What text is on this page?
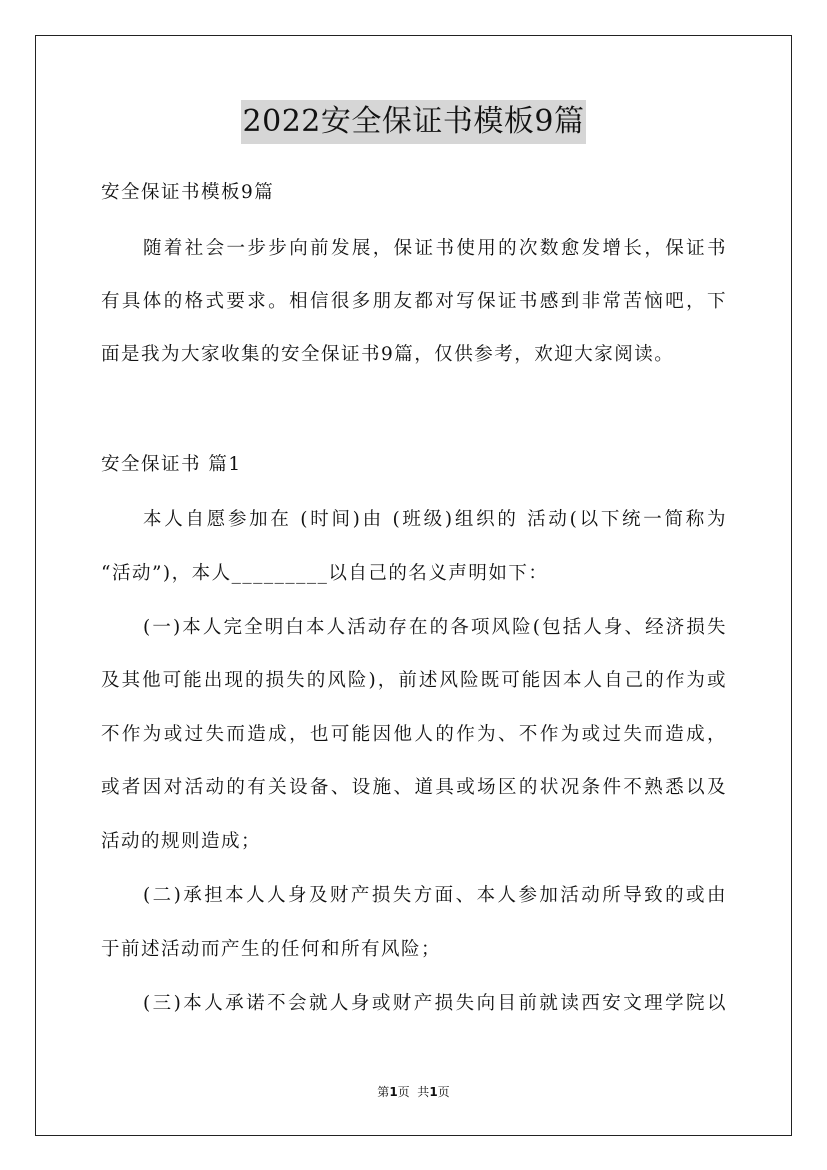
2022安全保证书模板9篇
安全保证书模板9篇
随着社会一步步向前发展，保证书使用的次数愈发增长，保证书
有具体的格式要求。相信很多朋友都对写保证书感到非常苦恼吧，下
面是我为大家收集的安全保证书9篇，仅供参考，欢迎大家阅读。
安全保证书 篇1
本人自愿参加在 (时间)由 (班级)组织的 活动(以下统一简称为
“活动”)，本人_________以自己的名义声明如下：
(一)本人完全明白本人活动存在的各项风险(包括人身、经济损失
及其他可能出现的损失的风险)，前述风险既可能因本人自己的作为或
不作为或过失而造成，也可能因他人的作为、不作为或过失而造成，
或者因对活动的有关设备、设施、道具或场区的状况条件不熟悉以及
活动的规则造成；
(二)承担本人人身及财产损失方面、本人参加活动所导致的或由
于前述活动而产生的任何和所有风险；
(三)本人承诺不会就人身或财产损失向目前就读西安文理学院以
第1页  共1页
